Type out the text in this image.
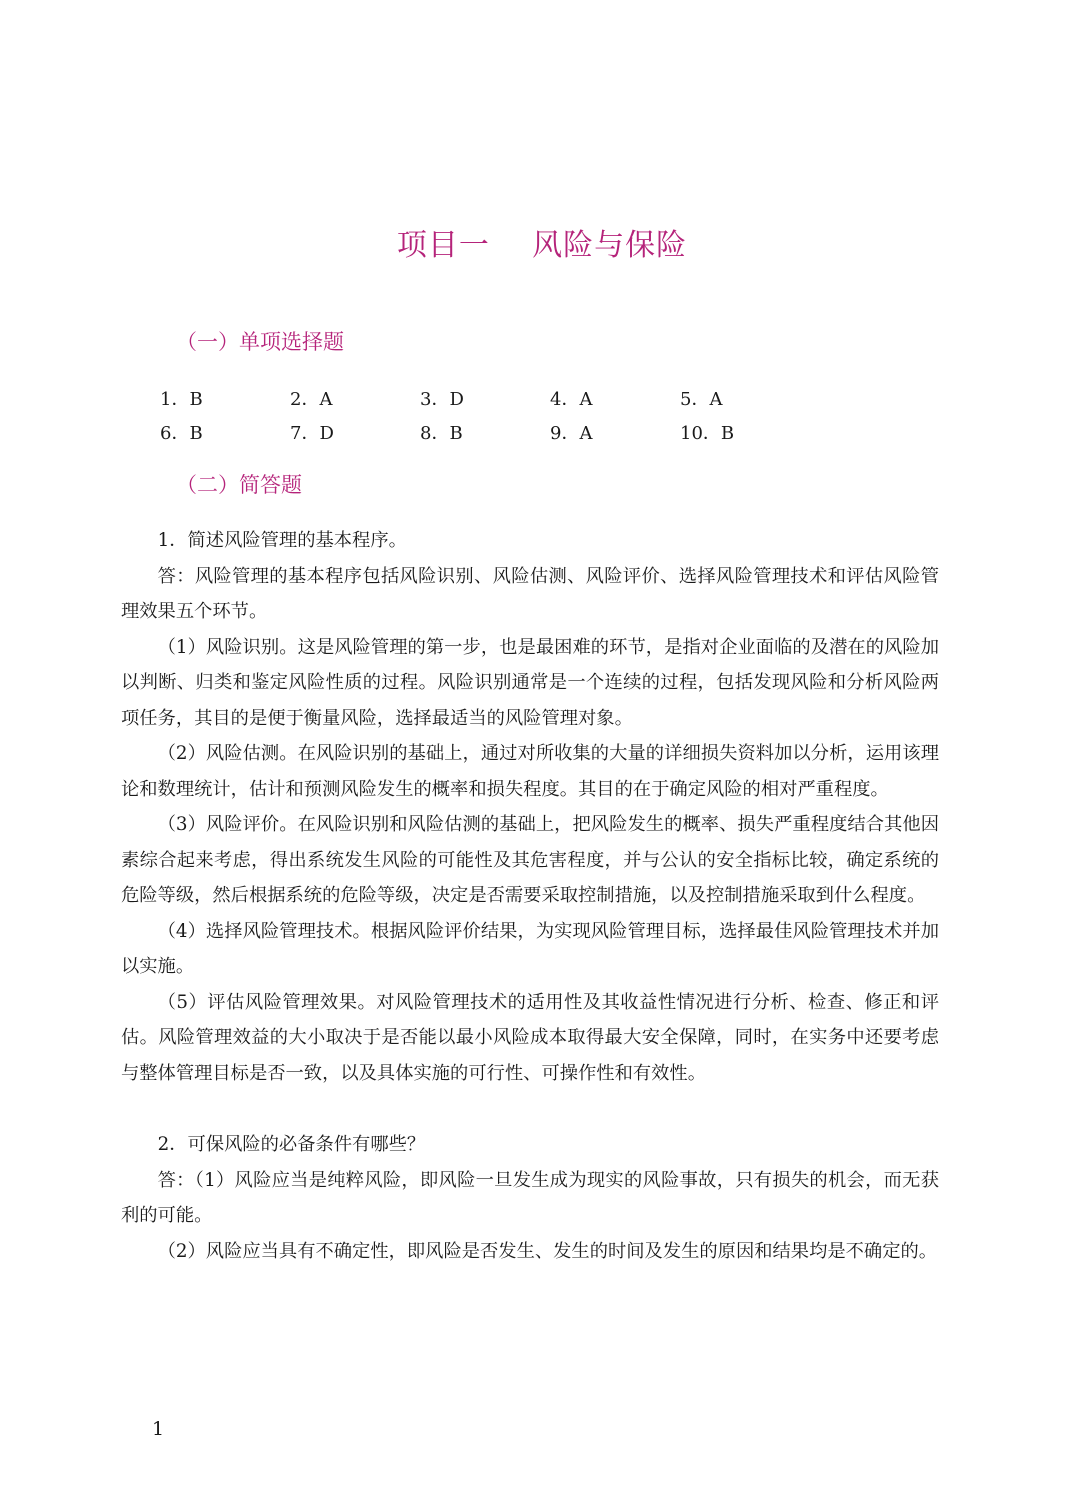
项目一    风险与保险
（一）单项选择题
1．B	2．A	3．D	4．A	5．A
6．B	7．D	8．B	9．A	10．B
（二）简答题

1．简述风险管理的基本程序。

答：风险管理的基本程序包括风险识别、风险估测、风险评价、选择风险管理技术和评估风险管理效果五个环节。

（1）风险识别。这是风险管理的第一步，也是最困难的环节，是指对企业面临的及潜在的风险加以判断、归类和鉴定风险性质的过程。风险识别通常是一个连续的过程，包括发现风险和分析风险两项任务，其目的是便于衡量风险，选择最适当的风险管理对象。

（2）风险估测。在风险识别的基础上，通过对所收集的大量的详细损失资料加以分析，运用该理论和数理统计，估计和预测风险发生的概率和损失程度。其目的在于确定风险的相对严重程度。

（3）风险评价。在风险识别和风险估测的基础上，把风险发生的概率、损失严重程度结合其他因素综合起来考虑，得出系统发生风险的可能性及其危害程度，并与公认的安全指标比较，确定系统的危险等级，然后根据系统的危险等级，决定是否需要采取控制措施，以及控制措施采取到什么程度。

（4）选择风险管理技术。根据风险评价结果，为实现风险管理目标，选择最佳风险管理技术并加以实施。

（5）评估风险管理效果。对风险管理技术的适用性及其收益性情况进行分析、检查、修正和评估。风险管理效益的大小取决于是否能以最小风险成本取得最大安全保障，同时，在实务中还要考虑与整体管理目标是否一致，以及具体实施的可行性、可操作性和有效性。

2．可保风险的必备条件有哪些？

答：（1）风险应当是纯粹风险，即风险一旦发生成为现实的风险事故，只有损失的机会，而无获利的可能。

（2）风险应当具有不确定性，即风险是否发生、发生的时间及发生的原因和结果均是不确定的。

1
